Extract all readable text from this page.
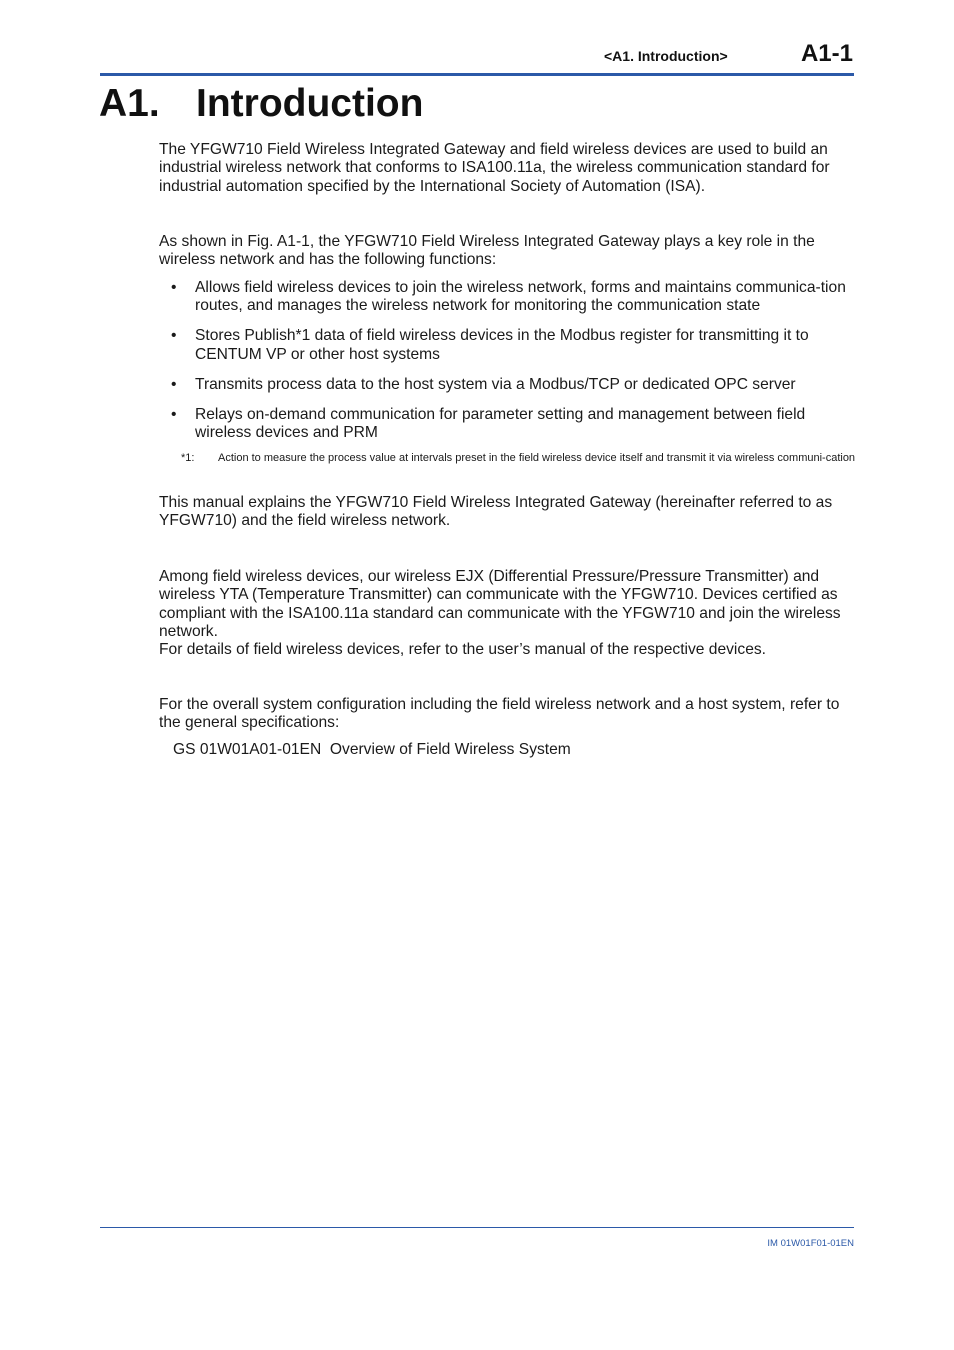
<A1. Introduction>	A1-1
A1. Introduction

The YFGW710 Field Wireless Integrated Gateway and field wireless devices are used to build an industrial wireless network that conforms to ISA100.11a, the wireless communication standard for industrial automation specified by the International Society of Automation (ISA).

As shown in Fig. A1-1, the YFGW710 Field Wireless Integrated Gateway plays a key role in the wireless network and has the following functions:

• Allows field wireless devices to join the wireless network, forms and maintains communica-tion routes, and manages the wireless network for monitoring the communication state
• Stores Publish*1 data of field wireless devices in the Modbus register for transmitting it to CENTUM VP or other host systems
• Transmits process data to the host system via a Modbus/TCP or dedicated OPC server
• Relays on-demand communication for parameter setting and management between field wireless devices and PRM
*1: Action to measure the process value at intervals preset in the field wireless device itself and transmit it via wireless communi-cation

This manual explains the YFGW710 Field Wireless Integrated Gateway (hereinafter referred to as YFGW710) and the field wireless network.

Among field wireless devices, our wireless EJX (Differential Pressure/Pressure Transmitter) and wireless YTA (Temperature Transmitter) can communicate with the YFGW710. Devices certified as compliant with the ISA100.11a standard can communicate with the YFGW710 and join the wireless network.

For details of field wireless devices, refer to the user’s manual of the respective devices.

For the overall system configuration including the field wireless network and a host system, refer to the general specifications:

GS 01W01A01-01EN Overview of Field Wireless System
IM 01W01F01-01EN
